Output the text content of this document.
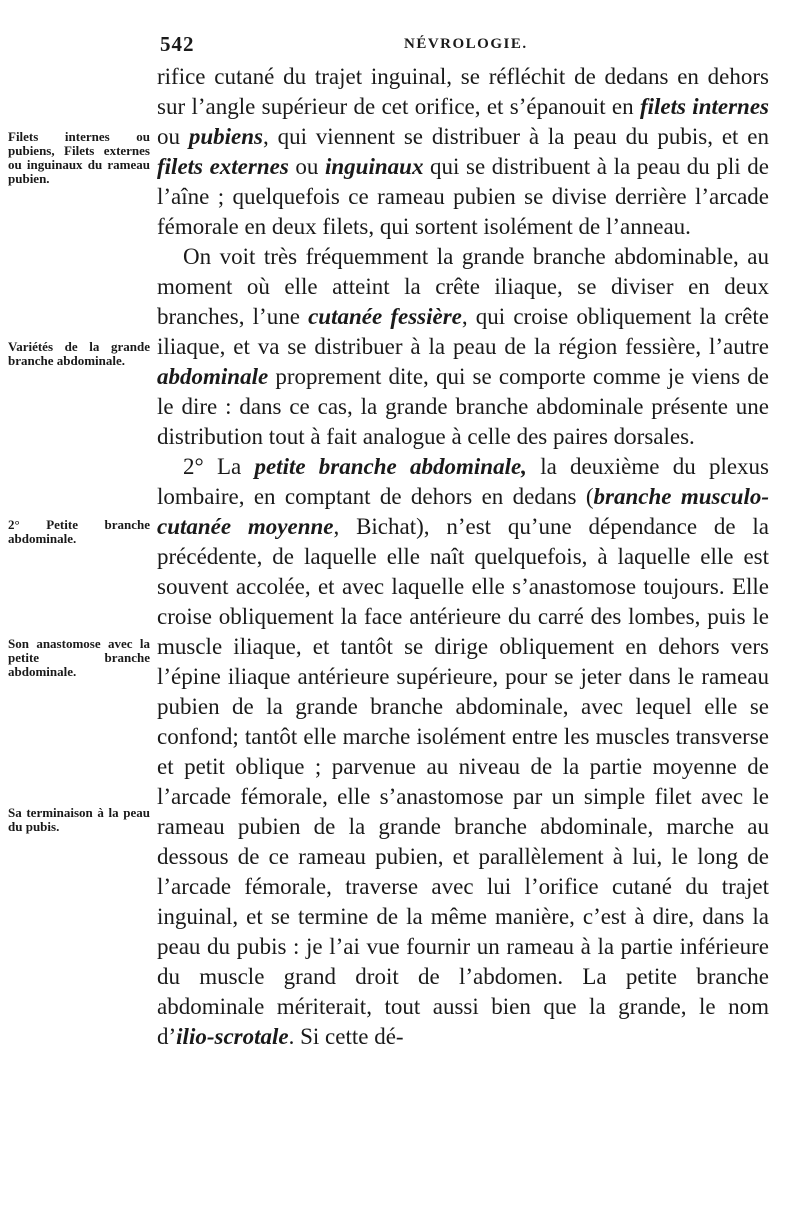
542	NÉVROLOGIE.
Filets internes ou pubiens, Filets externes ou inguinaux du rameau pubien.
Variétés de la grande branche abdominale.
2° Petite branche abdominale.
Son anastomose avec la petite branche abdominale.
Sa terminaison à la peau du pubis.

rifice cutané du trajet inguinal, se réfléchit de dedans en dehors sur l’angle supérieur de cet orifice, et s’épanouit en filets internes ou pubiens, qui viennent se distribuer à la peau du pubis, et en filets externes ou inguinaux qui se distribuent à la peau du pli de l’aîne ; quelquefois ce rameau pubien se divise derrière l’arcade fémorale en deux filets, qui sortent isolément de l’anneau.

On voit très fréquemment la grande branche abdominable, au moment où elle atteint la crête iliaque, se diviser en deux branches, l’une cutanée fessière, qui croise obliquement la crête iliaque, et va se distribuer à la peau de la région fessière, l’autre abdominale proprement dite, qui se comporte comme je viens de le dire : dans ce cas, la grande branche abdominale présente une distribution tout à fait analogue à celle des paires dorsales.

2° La petite branche abdominale, la deuxième du plexus lombaire, en comptant de dehors en dedans (branche musculo-cutanée moyenne, Bichat), n’est qu’une dépendance de la précédente, de laquelle elle naît quelquefois, à laquelle elle est souvent accolée, et avec laquelle elle s’anastomose toujours. Elle croise obliquement la face antérieure du carré des lombes, puis le muscle iliaque, et tantôt se dirige obliquement en dehors vers l’épine iliaque antérieure supérieure, pour se jeter dans le rameau pubien de la grande branche abdominale, avec lequel elle se confond; tantôt elle marche isolément entre les muscles transverse et petit oblique ; parvenue au niveau de la partie moyenne de l’arcade fémorale, elle s’anastomose par un simple filet avec le rameau pubien de la grande branche abdominale, marche au dessous de ce rameau pubien, et parallèlement à lui, le long de l’arcade fémorale, traverse avec lui l’orifice cutané du trajet inguinal, et se termine de la même manière, c’est à dire, dans la peau du pubis : je l’ai vue fournir un rameau à la partie inférieure du muscle grand droit de l’abdomen. La petite branche abdominale mériterait, tout aussi bien que la grande, le nom d’ilio-scrotale. Si cette dé-
